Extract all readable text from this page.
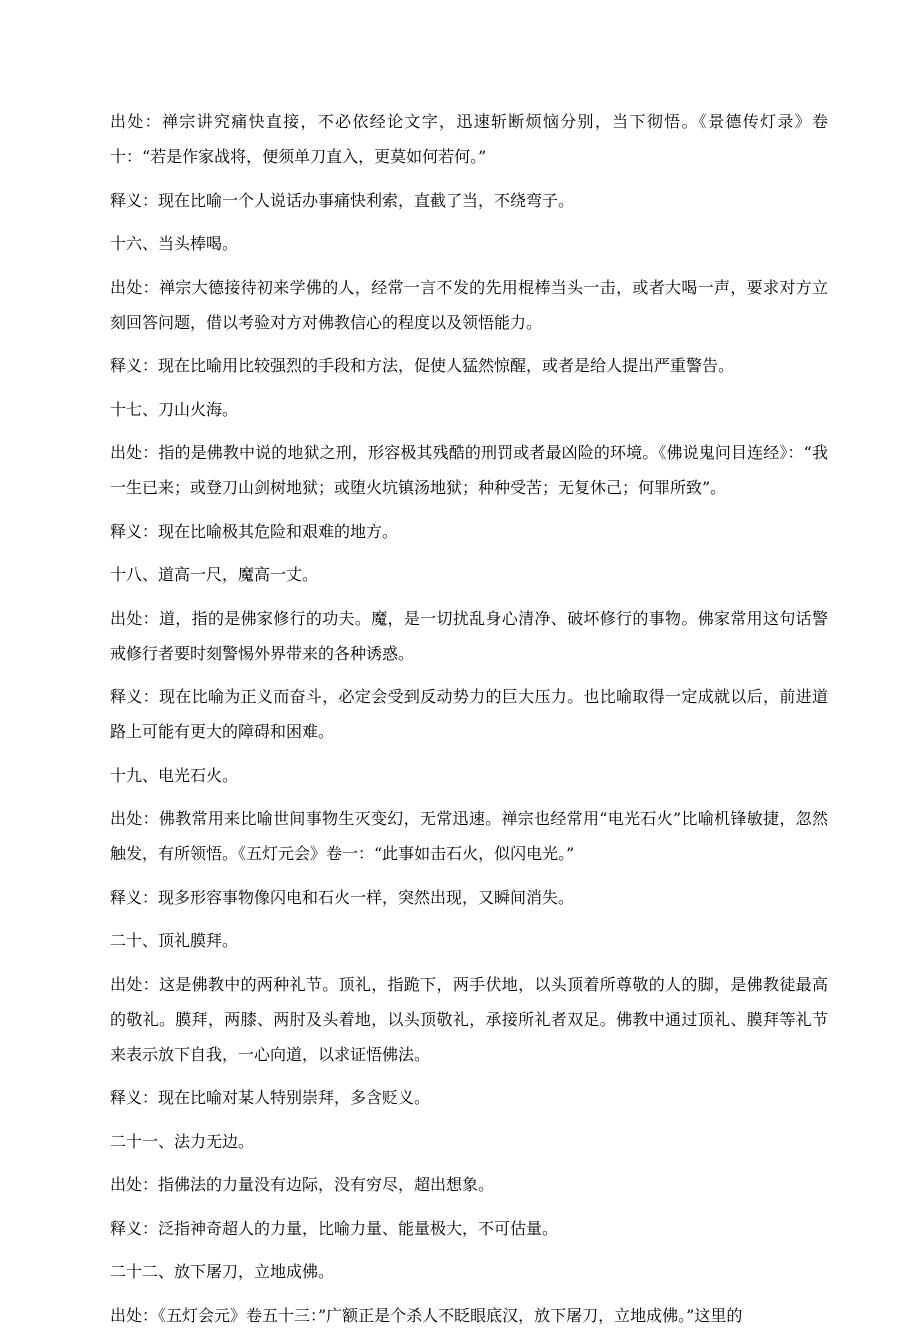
出处：禅宗讲究痛快直接，不必依经论文字，迅速斩断烦恼分别，当下彻悟。《景德传灯录》卷十：“若是作家战将，便须单刀直入，更莫如何若何。”

释义：现在比喻一个人说话办事痛快利索，直截了当，不绕弯子。

十六、当头棒喝。

出处：禅宗大德接待初来学佛的人，经常一言不发的先用棍棒当头一击，或者大喝一声，要求对方立刻回答问题，借以考验对方对佛教信心的程度以及领悟能力。

释义：现在比喻用比较强烈的手段和方法，促使人猛然惊醒，或者是给人提出严重警告。

十七、刀山火海。

出处：指的是佛教中说的地狱之刑，形容极其残酷的刑罚或者最凶险的环境。《佛说鬼问目连经》：“我一生已来；或登刀山剑树地狱；或堕火坑镇汤地狱；种种受苦；无复休己；何罪所致”。

释义：现在比喻极其危险和艰难的地方。

十八、道高一尺，魔高一丈。

出处：道，指的是佛家修行的功夫。魔，是一切扰乱身心清净、破坏修行的事物。佛家常用这句话警戒修行者要时刻警惕外界带来的各种诱惑。

释义：现在比喻为正义而奋斗，必定会受到反动势力的巨大压力。也比喻取得一定成就以后，前进道路上可能有更大的障碍和困难。

十九、电光石火。

出处：佛教常用来比喻世间事物生灭变幻，无常迅速。禅宗也经常用“电光石火”比喻机锋敏捷，忽然触发，有所领悟。《五灯元会》卷一：“此事如击石火，似闪电光。”

释义：现多形容事物像闪电和石火一样，突然出现，又瞬间消失。

二十、顶礼膜拜。

出处：这是佛教中的两种礼节。顶礼，指跪下，两手伏地，以头顶着所尊敬的人的脚，是佛教徒最高的敬礼。膜拜，两膝、两肘及头着地，以头顶敬礼，承接所礼者双足。佛教中通过顶礼、膜拜等礼节来表示放下自我，一心向道，以求证悟佛法。

释义：现在比喻对某人特别崇拜，多含贬义。

二十一、法力无边。

出处：指佛法的力量没有边际，没有穷尽，超出想象。

释义：泛指神奇超人的力量，比喻力量、能量极大，不可估量。

二十二、放下屠刀，立地成佛。

出处：《五灯会元》卷五十三：”广额正是个杀人不眨眼底汉，放下屠刀，立地成佛。”这里的
